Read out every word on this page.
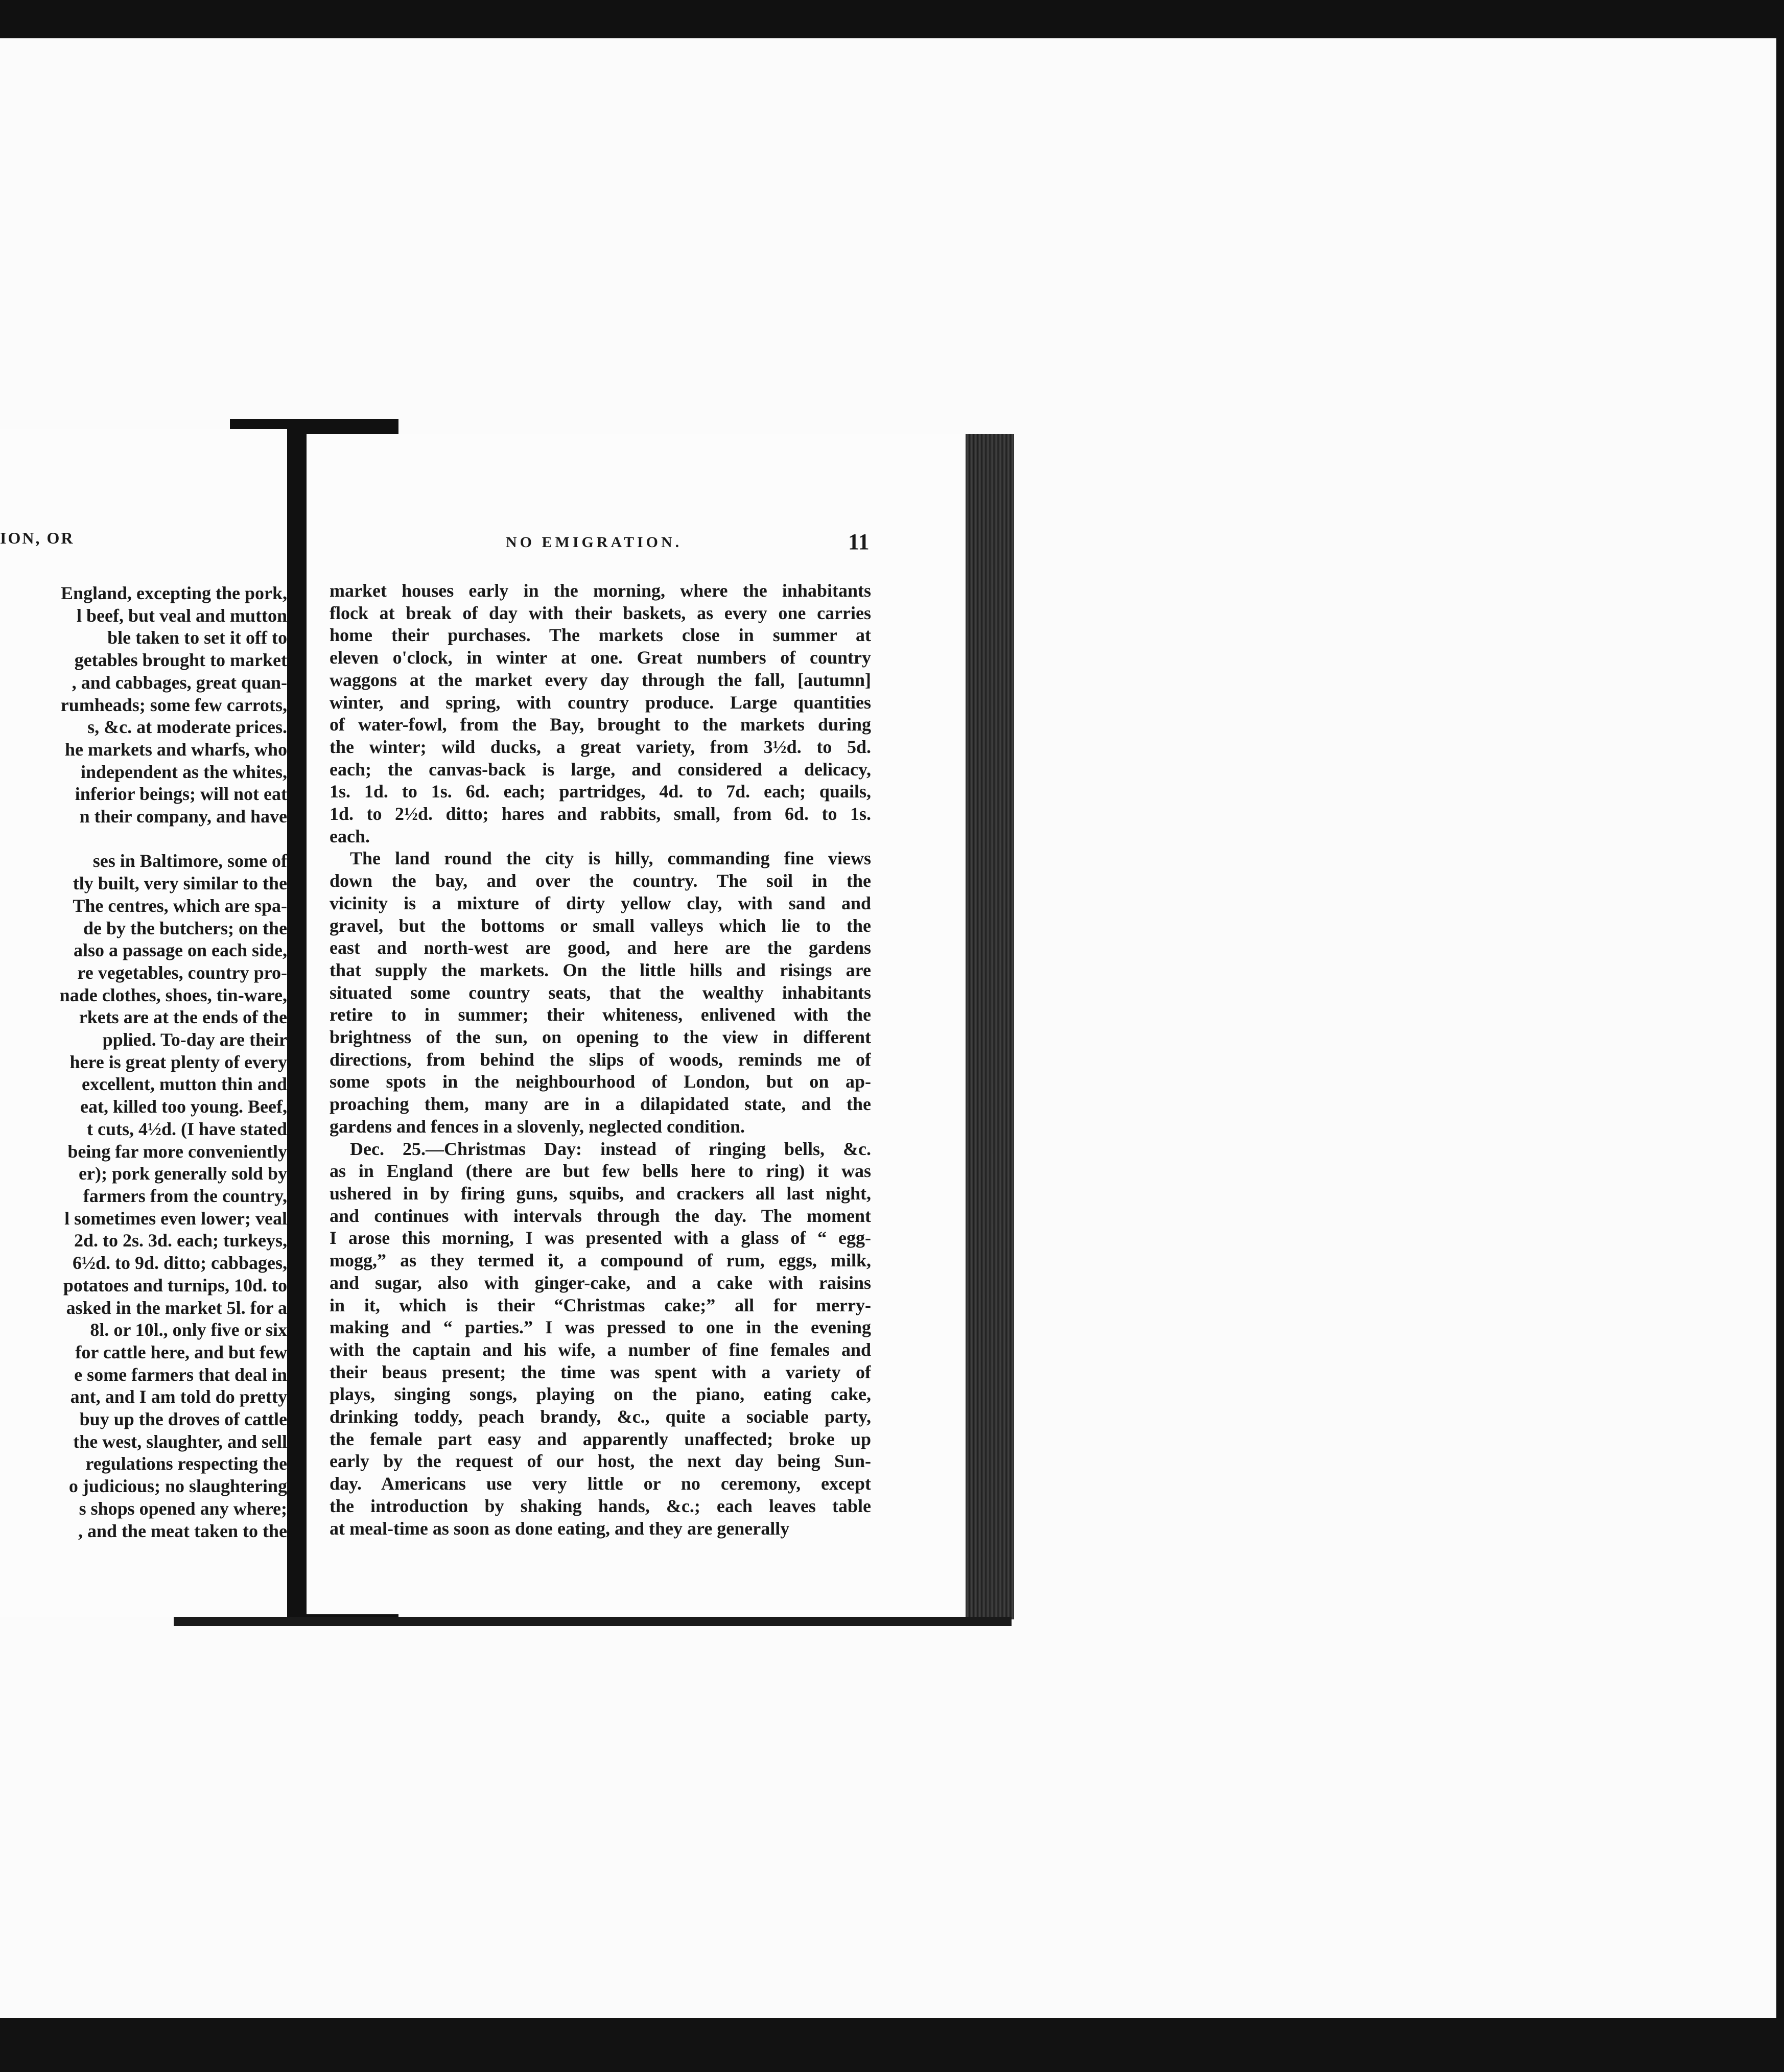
ION, OR
England, excepting the pork,
l beef, but veal and mutton
ble taken to set it off to
getables brought to market
, and cabbages, great quan-
rumheads; some few carrots,
s, &c. at moderate prices.
he markets and wharfs, who
independent as the whites,
inferior beings; will not eat
n their company, and have

ses in Baltimore, some of
tly built, very similar to the
The centres, which are spa-
de by the butchers; on the
also a passage on each side,
re vegetables, country pro-
nade clothes, shoes, tin-ware,
rkets are at the ends of the
pplied. To-day are their
here is great plenty of every
excellent, mutton thin and
eat, killed too young. Beef,
t cuts, 4½d. (I have stated
being far more conveniently
er); pork generally sold by
farmers from the country,
l sometimes even lower; veal
2d. to 2s. 3d. each; turkeys,
6½d. to 9d. ditto; cabbages,
potatoes and turnips, 10d. to
asked in the market 5l. for a
8l. or 10l., only five or six
for cattle here, and but few
e some farmers that deal in
ant, and I am told do pretty
buy up the droves of cattle
the west, slaughter, and sell
regulations respecting the
o judicious; no slaughtering
s shops opened any where;
, and the meat taken to the
NO EMIGRATION.	11
market houses early in the morning, where the inhabitants
flock at break of day with their baskets, as every one carries
home their purchases. The markets close in summer at
eleven o'clock, in winter at one. Great numbers of country
waggons at the market every day through the fall, [autumn]
winter, and spring, with country produce. Large quantities
of water-fowl, from the Bay, brought to the markets during
the winter; wild ducks, a great variety, from 3½d. to 5d.
each; the canvas-back is large, and considered a delicacy,
1s. 1d. to 1s. 6d. each; partridges, 4d. to 7d. each; quails,
1d. to 2½d. ditto; hares and rabbits, small, from 6d. to 1s.
each.
The land round the city is hilly, commanding fine views
down the bay, and over the country. The soil in the
vicinity is a mixture of dirty yellow clay, with sand and
gravel, but the bottoms or small valleys which lie to the
east and north-west are good, and here are the gardens
that supply the markets. On the little hills and risings are
situated some country seats, that the wealthy inhabitants
retire to in summer; their whiteness, enlivened with the
brightness of the sun, on opening to the view in different
directions, from behind the slips of woods, reminds me of
some spots in the neighbourhood of London, but on ap-
proaching them, many are in a dilapidated state, and the
gardens and fences in a slovenly, neglected condition.
Dec. 25.—Christmas Day: instead of ringing bells, &c.
as in England (there are but few bells here to ring) it was
ushered in by firing guns, squibs, and crackers all last night,
and continues with intervals through the day. The moment
I arose this morning, I was presented with a glass of “ egg-
mogg,” as they termed it, a compound of rum, eggs, milk,
and sugar, also with ginger-cake, and a cake with raisins
in it, which is their “Christmas cake;” all for merry-
making and “ parties.” I was pressed to one in the evening
with the captain and his wife, a number of fine females and
their beaus present; the time was spent with a variety of
plays, singing songs, playing on the piano, eating cake,
drinking toddy, peach brandy, &c., quite a sociable party,
the female part easy and apparently unaffected; broke up
early by the request of our host, the next day being Sun-
day. Americans use very little or no ceremony, except
the introduction by shaking hands, &c.; each leaves table
at meal-time as soon as done eating, and they are generally
